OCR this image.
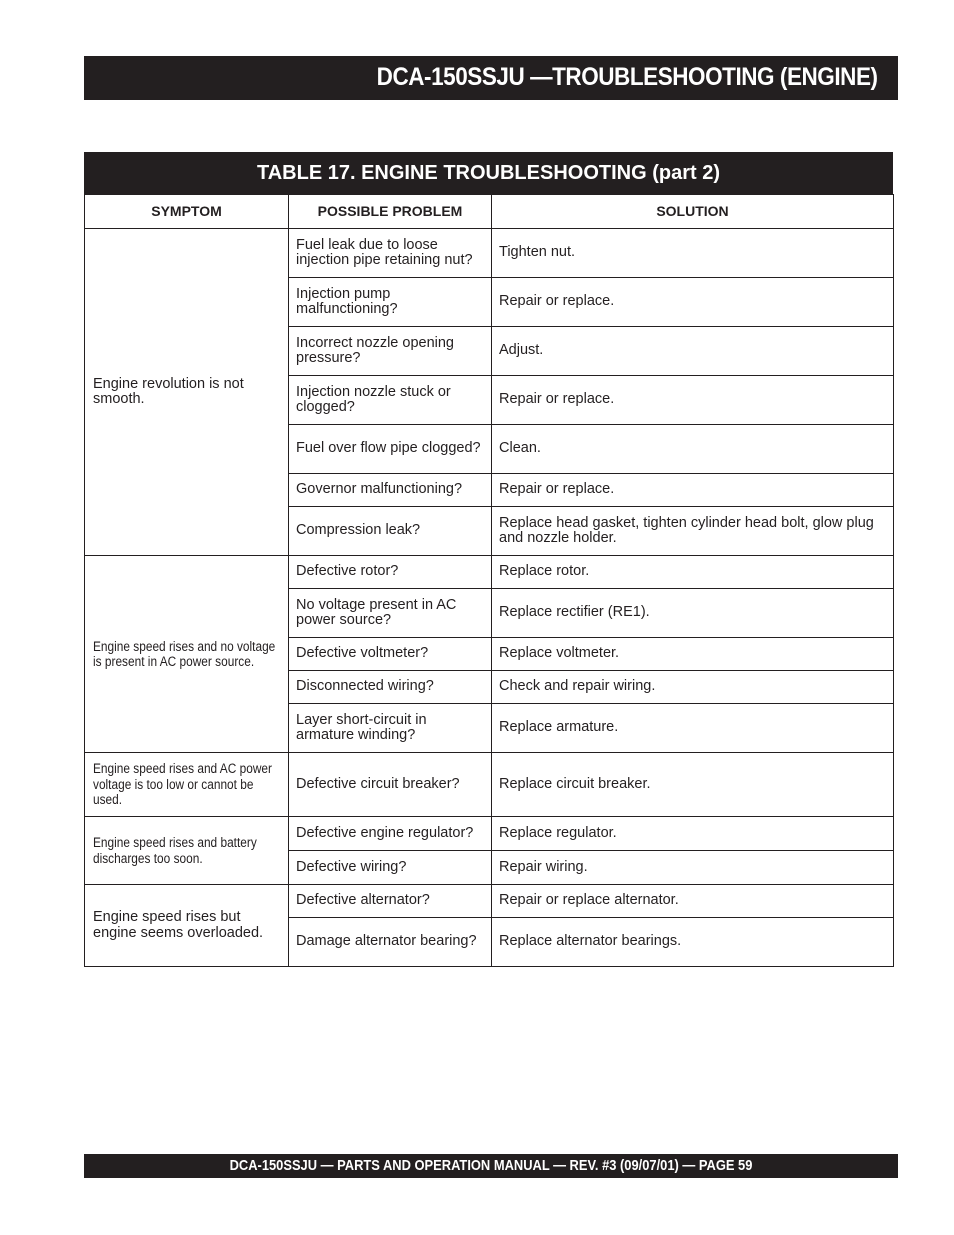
DCA-150SSJU —TROUBLESHOOTING (ENGINE)
TABLE 17. ENGINE TROUBLESHOOTING (part 2)
SYMPTOM	POSSIBLE PROBLEM	SOLUTION
Engine revolution is not smooth.	Fuel leak due to loose injection pipe retaining nut?	Tighten nut.
	Injection pump malfunctioning?	Repair or replace.
	Incorrect nozzle opening pressure?	Adjust.
	Injection nozzle stuck or clogged?	Repair or replace.
	Fuel over flow pipe clogged?	Clean.
	Governor malfunctioning?	Repair or replace.
	Compression leak?	Replace head gasket, tighten cylinder head bolt, glow plug and nozzle holder.
Engine speed rises and no voltage is present in AC power source.	Defective rotor?	Replace rotor.
	No voltage present in AC power source?	Replace rectifier (RE1).
	Defective voltmeter?	Replace voltmeter.
	Disconnected wiring?	Check and repair wiring.
	Layer short-circuit in armature winding?	Replace armature.
Engine speed rises and AC power voltage is too low or cannot be used.	Defective circuit breaker?	Replace circuit breaker.
Engine speed rises and battery discharges too soon.	Defective engine regulator?	Replace regulator.
	Defective wiring?	Repair wiring.
Engine speed rises but engine seems overloaded.	Defective alternator?	Repair or replace alternator.
	Damage alternator bearing?	Replace alternator bearings.
DCA-150SSJU — PARTS AND OPERATION MANUAL — REV. #3 (09/07/01) — PAGE 59
